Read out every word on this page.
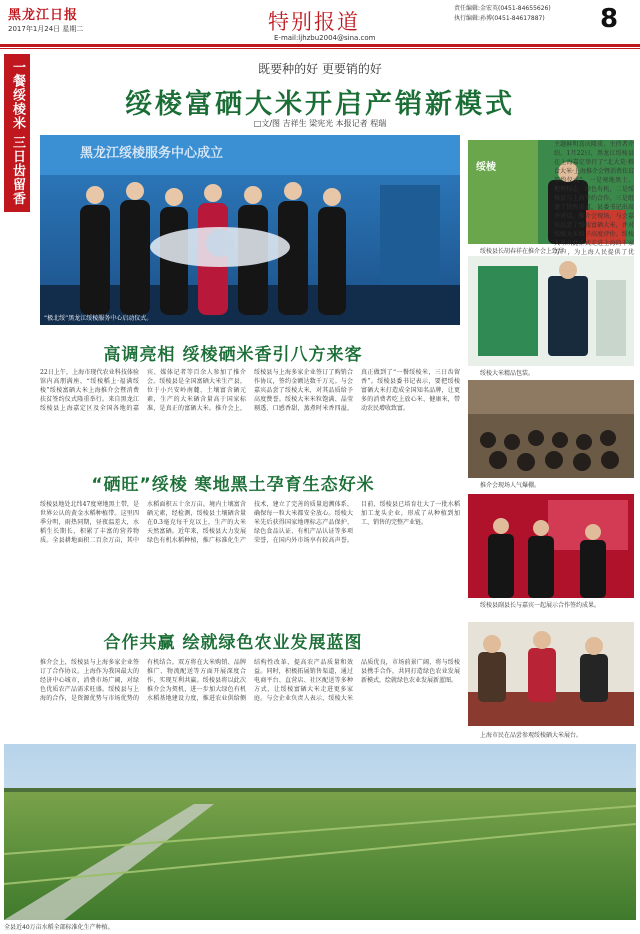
黑龙江日报
2017年1月24日 星期二	特别报道
E-mail:ljhzbu2004@sina.com
责任编辑:金宏英(0451-84655626)
执行编辑:孙博(0451-84617887) 8
一餐绥棱米 三日齿留香	既要种的好 更要销的好
绥棱富硒大米开启产销新模式
□文/图 吉祥生 梁宪光 本报记者 程瑞
黑龙江绥棱服务中心成立
“极北绥”黑龙江绥棱服务中心启动仪式。
绥棱
绥棱县长胡春祥在推介会上致辞。
主题鲜明喜庆隆重。主持者介绍，1月22日，黑龙江绥棱县在上海嘉定举行了“北大荒·粮食大米·上海推介会暨消费扶贫签约仪式”。一是寒地黑土、地理标志、绿色有机，二是绥棱县与上海签约合作，三是组建了销售渠道，县委书记出席并讲话。推介会现场，与会嘉宾品尝了绥棱富硒大米，并对绥棱大米给予高度评价。绥棱大米从此正式走进上海的千家万户，为上海人民提供了优
高调亮相 绥棱硒米香引八方来客
22日上午，上海市现代农业科技体验馆内高朋满座，“绥棱稻上·福满绥棱”绥棱富硒大米上海推介会暨消费扶贫签约仪式隆重举行。来自黑龙江绥棱县上海嘉定区及全国各地的嘉宾、媒体记者等百余人参加了推介会。绥棱县是全国富硒大米生产县，位于小兴安岭南麓，土壤富含硒元素，生产的大米硒含量高于国家标准，是真正的富硒大米。推介会上，绥棱县与上海多家企业签订了购销合作协议，签约金额达数千万元。与会嘉宾品尝了绥棱大米，对其品质给予高度赞誉。绥棱大米米粒饱满、晶莹剔透、口感香甜，蒸煮时米香四溢，真正做到了“一餐绥棱米，三日齿留香”。绥棱县委书记表示，要把绥棱富硒大米打造成全国知名品牌，让更多的消费者吃上放心米、健康米，带动农民增收致富。
绥棱大米精品包装。
推介会现场人气爆棚。
“硒旺”绥棱 寒地黑土孕育生态好米
绥棱县地处北纬47度寒地黑土带，是世界公认的黄金水稻种植带。这里四季分明，雨热同期，昼夜温差大，水稻生长期长，积累了丰富的营养物质。全县耕地面积二百余万亩，其中水稻面积五十余万亩。境内土壤富含硒元素，经检测，绥棱县土壤硒含量在0.3毫克每千克以上，生产的大米天然富硒。近年来，绥棱县大力发展绿色有机水稻种植，推广标准化生产技术，建立了完善的质量追溯体系，确保每一粒大米都安全放心。绥棱大米先后获得国家地理标志产品保护、绿色食品认证、有机产品认证等多项荣誉，在国内外市场享有较高声誉。目前，绥棱县已培育壮大了一批水稻加工龙头企业，形成了从种植到加工、销售的完整产业链。
绥棱县副县长与嘉宾一起展示合作签约成果。
合作共赢 绘就绿色农业发展蓝图
推介会上，绥棱县与上海多家企业签订了合作协议。上海作为我国最大的经济中心城市，消费市场广阔，对绿色优质农产品需求旺盛。绥棱县与上海的合作，是资源优势与市场优势的有机结合。双方将在大米购销、品牌推广、物流配送等方面开展深度合作，实现互利共赢。绥棱县将以此次推介会为契机，进一步加大绿色有机水稻基地建设力度，推进农业供给侧结构性改革，提高农产品质量和效益。同时，积极拓展销售渠道，通过电商平台、直营店、社区配送等多种方式，让绥棱富硒大米走进更多家庭。与会企业负责人表示，绥棱大米品质优良，市场前景广阔，将与绥棱县携手合作，共同打造绿色农业发展新模式，绘就绿色农业发展新蓝图。
上海市民在品尝参观绥棱硒大米展台。
全县近40万亩水稻全部标准化生产种植。
